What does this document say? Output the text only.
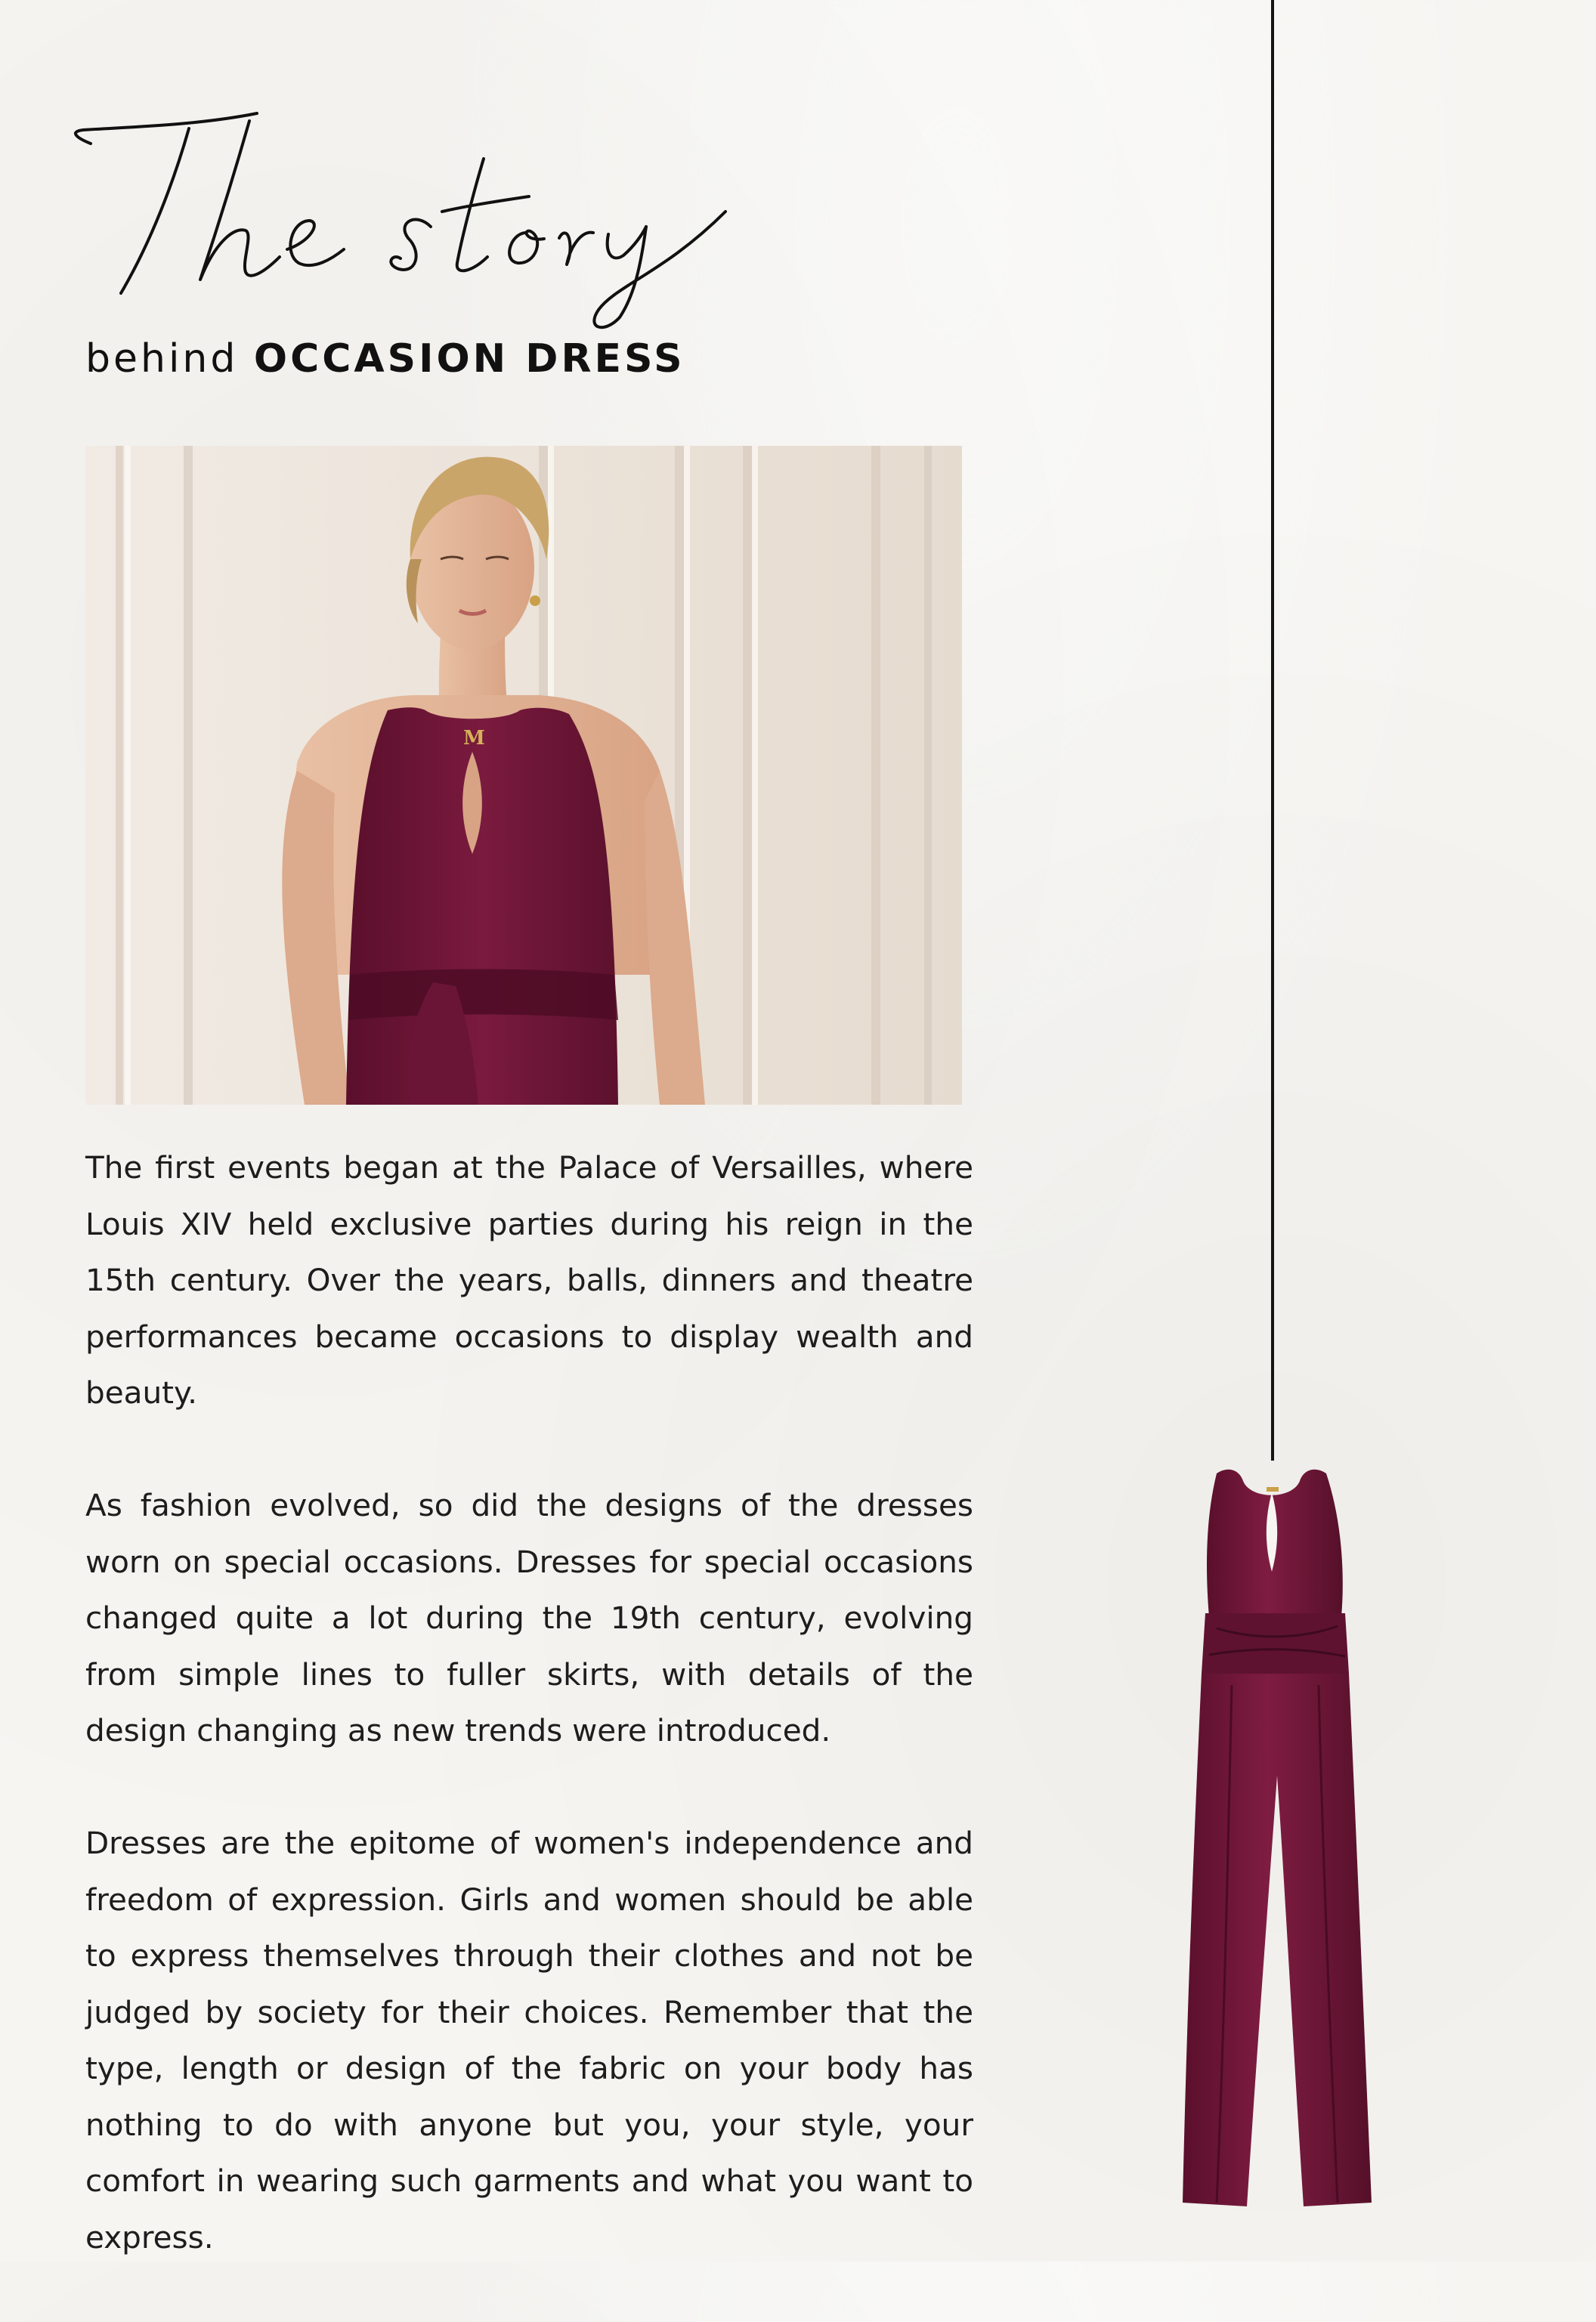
behind OCCASION DRESS
M

The first events began at the Palace of Versailles, where Louis XIV held exclusive parties during his reign in the 15th century. Over the years, balls, dinners and theatre performances became occasions to display wealth and beauty.

As fashion evolved, so did the designs of the dresses worn on special occasions. Dresses for special occasions changed quite a lot during the 19th century, evolving from simple lines to fuller skirts, with details of the design changing as new trends were introduced.

Dresses are the epitome of women's independence and freedom of expression. Girls and women should be able to express themselves through their clothes and not be judged by society for their choices. Remember that the type, length or design of the fabric on your body has nothing to do with anyone but you, your style, your comfort in wearing such garments and what you want to express.
